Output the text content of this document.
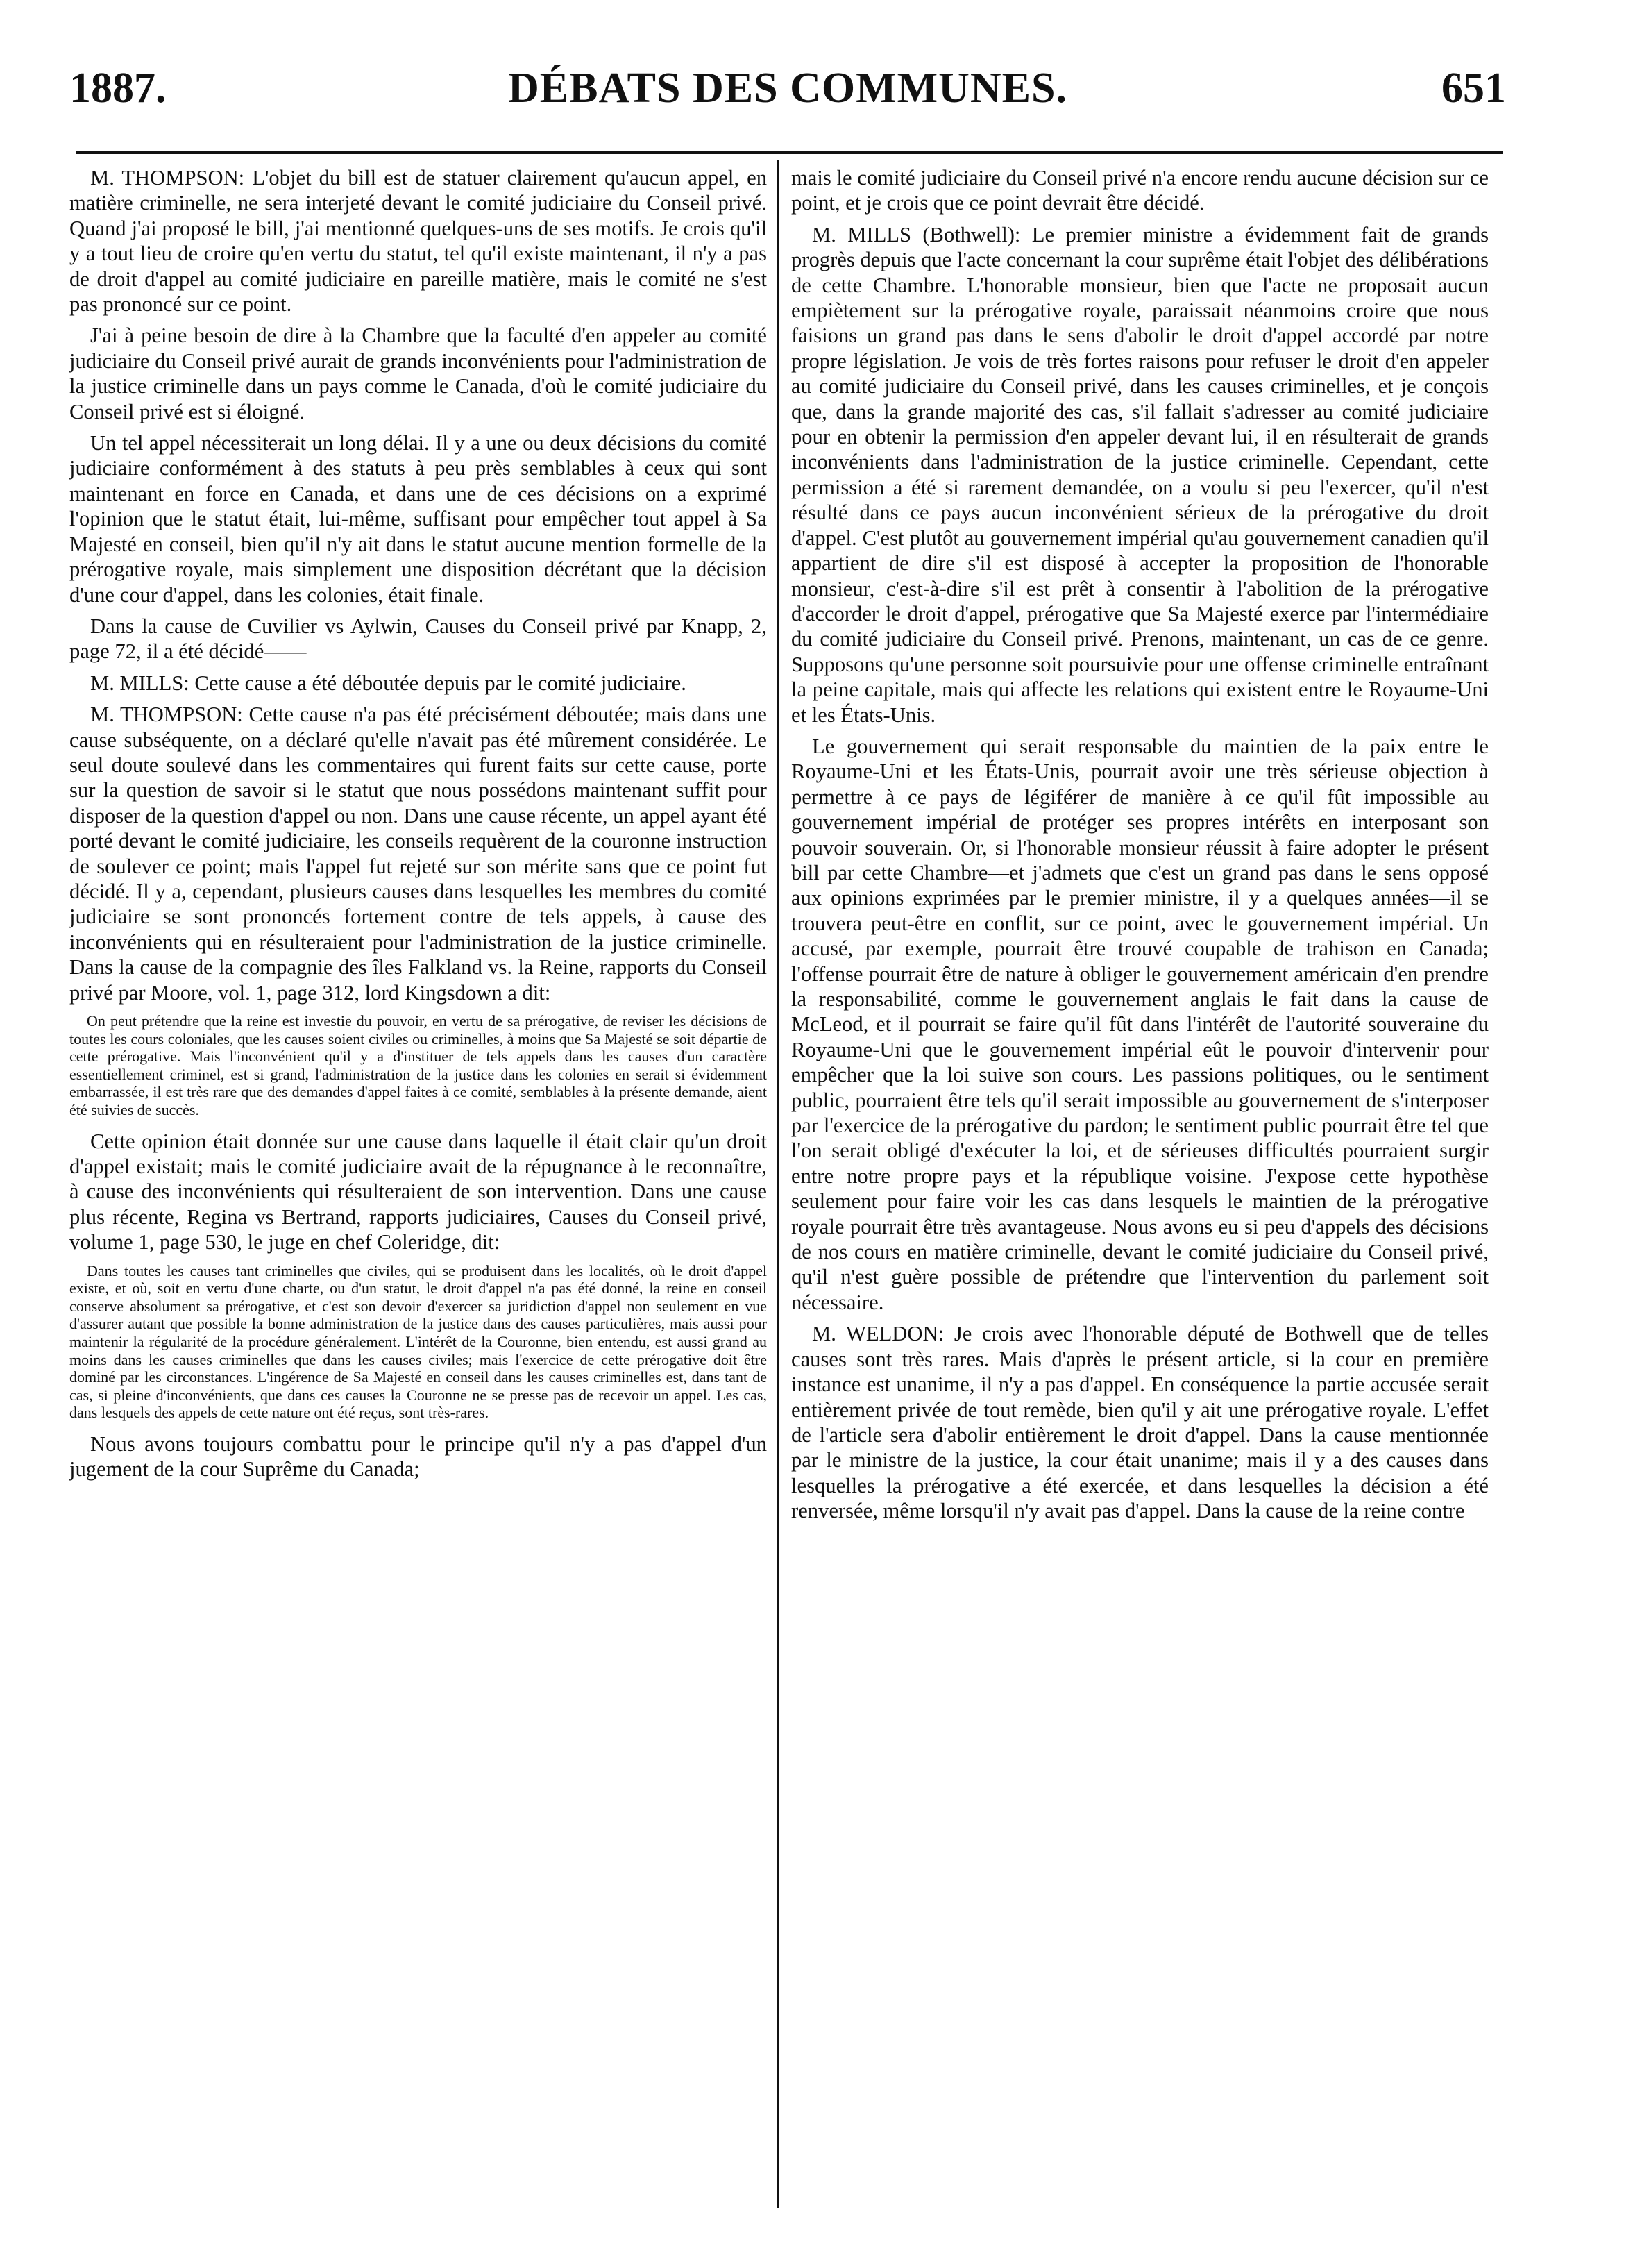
1887.	DÉBATS DES COMMUNES.	651

M. THOMPSON: L'objet du bill est de statuer clairement qu'aucun appel, en matière criminelle, ne sera interjeté devant le comité judiciaire du Conseil privé. Quand j'ai proposé le bill, j'ai mentionné quelques-uns de ses motifs. Je crois qu'il y a tout lieu de croire qu'en vertu du statut, tel qu'il existe maintenant, il n'y a pas de droit d'appel au comité judiciaire en pareille matière, mais le comité ne s'est pas prononcé sur ce point.

J'ai à peine besoin de dire à la Chambre que la faculté d'en appeler au comité judiciaire du Conseil privé aurait de grands inconvénients pour l'administration de la justice criminelle dans un pays comme le Canada, d'où le comité judiciaire du Conseil privé est si éloigné.

Un tel appel nécessiterait un long délai. Il y a une ou deux décisions du comité judiciaire conformément à des statuts à peu près semblables à ceux qui sont maintenant en force en Canada, et dans une de ces décisions on a exprimé l'opinion que le statut était, lui-même, suffisant pour empêcher tout appel à Sa Majesté en conseil, bien qu'il n'y ait dans le statut aucune mention formelle de la prérogative royale, mais simplement une disposition décrétant que la décision d'une cour d'appel, dans les colonies, était finale.

Dans la cause de Cuvilier vs Aylwin, Causes du Conseil privé par Knapp, 2, page 72, il a été décidé——

M. MILLS: Cette cause a été déboutée depuis par le comité judiciaire.

M. THOMPSON: Cette cause n'a pas été précisément déboutée; mais dans une cause subséquente, on a déclaré qu'elle n'avait pas été mûrement considérée. Le seul doute soulevé dans les commentaires qui furent faits sur cette cause, porte sur la question de savoir si le statut que nous possédons maintenant suffit pour disposer de la question d'appel ou non. Dans une cause récente, un appel ayant été porté devant le comité judiciaire, les conseils requèrent de la couronne instruction de soulever ce point; mais l'appel fut rejeté sur son mérite sans que ce point fut décidé. Il y a, cependant, plusieurs causes dans lesquelles les membres du comité judiciaire se sont prononcés fortement contre de tels appels, à cause des inconvénients qui en résulteraient pour l'administration de la justice criminelle. Dans la cause de la compagnie des îles Falkland vs. la Reine, rapports du Conseil privé par Moore, vol. 1, page 312, lord Kingsdown a dit:

On peut prétendre que la reine est investie du pouvoir, en vertu de sa prérogative, de reviser les décisions de toutes les cours coloniales, que les causes soient civiles ou criminelles, à moins que Sa Majesté se soit départie de cette prérogative. Mais l'inconvénient qu'il y a d'instituer de tels appels dans les causes d'un caractère essentiellement criminel, est si grand, l'administration de la justice dans les colonies en serait si évidemment embarrassée, il est très rare que des demandes d'appel faites à ce comité, semblables à la présente demande, aient été suivies de succès.

Cette opinion était donnée sur une cause dans laquelle il était clair qu'un droit d'appel existait; mais le comité judiciaire avait de la répugnance à le reconnaître, à cause des inconvénients qui résulteraient de son intervention. Dans une cause plus récente, Regina vs Bertrand, rapports judiciaires, Causes du Conseil privé, volume 1, page 530, le juge en chef Coleridge, dit:

Dans toutes les causes tant criminelles que civiles, qui se produisent dans les localités, où le droit d'appel existe, et où, soit en vertu d'une charte, ou d'un statut, le droit d'appel n'a pas été donné, la reine en conseil conserve absolument sa prérogative, et c'est son devoir d'exercer sa juridiction d'appel non seulement en vue d'assurer autant que possible la bonne administration de la justice dans des causes particulières, mais aussi pour maintenir la régularité de la procédure généralement. L'intérêt de la Couronne, bien entendu, est aussi grand au moins dans les causes criminelles que dans les causes civiles; mais l'exercice de cette prérogative doit être dominé par les circonstances. L'ingérence de Sa Majesté en conseil dans les causes criminelles est, dans tant de cas, si pleine d'inconvénients, que dans ces causes la Couronne ne se presse pas de recevoir un appel. Les cas, dans lesquels des appels de cette nature ont été reçus, sont très-rares.

Nous avons toujours combattu pour le principe qu'il n'y a pas d'appel d'un jugement de la cour Suprême du Canada;

mais le comité judiciaire du Conseil privé n'a encore rendu aucune décision sur ce point, et je crois que ce point devrait être décidé.

M. MILLS (Bothwell): Le premier ministre a évidemment fait de grands progrès depuis que l'acte concernant la cour suprême était l'objet des délibérations de cette Chambre. L'honorable monsieur, bien que l'acte ne proposait aucun empiètement sur la prérogative royale, paraissait néanmoins croire que nous faisions un grand pas dans le sens d'abolir le droit d'appel accordé par notre propre législation. Je vois de très fortes raisons pour refuser le droit d'en appeler au comité judiciaire du Conseil privé, dans les causes criminelles, et je conçois que, dans la grande majorité des cas, s'il fallait s'adresser au comité judiciaire pour en obtenir la permission d'en appeler devant lui, il en résulterait de grands inconvénients dans l'administration de la justice criminelle. Cependant, cette permission a été si rarement demandée, on a voulu si peu l'exercer, qu'il n'est résulté dans ce pays aucun inconvénient sérieux de la prérogative du droit d'appel. C'est plutôt au gouvernement impérial qu'au gouvernement canadien qu'il appartient de dire s'il est disposé à accepter la proposition de l'honorable monsieur, c'est-à-dire s'il est prêt à consentir à l'abolition de la prérogative d'accorder le droit d'appel, prérogative que Sa Majesté exerce par l'intermédiaire du comité judiciaire du Conseil privé. Prenons, maintenant, un cas de ce genre. Supposons qu'une personne soit poursuivie pour une offense criminelle entraînant la peine capitale, mais qui affecte les relations qui existent entre le Royaume-Uni et les États-Unis.

Le gouvernement qui serait responsable du maintien de la paix entre le Royaume-Uni et les États-Unis, pourrait avoir une très sérieuse objection à permettre à ce pays de légiférer de manière à ce qu'il fût impossible au gouvernement impérial de protéger ses propres intérêts en interposant son pouvoir souverain. Or, si l'honorable monsieur réussit à faire adopter le présent bill par cette Chambre—et j'admets que c'est un grand pas dans le sens opposé aux opinions exprimées par le premier ministre, il y a quelques années—il se trouvera peut-être en conflit, sur ce point, avec le gouvernement impérial. Un accusé, par exemple, pourrait être trouvé coupable de trahison en Canada; l'offense pourrait être de nature à obliger le gouvernement américain d'en prendre la responsabilité, comme le gouvernement anglais le fait dans la cause de McLeod, et il pourrait se faire qu'il fût dans l'intérêt de l'autorité souveraine du Royaume-Uni que le gouvernement impérial eût le pouvoir d'intervenir pour empêcher que la loi suive son cours. Les passions politiques, ou le sentiment public, pourraient être tels qu'il serait impossible au gouvernement de s'interposer par l'exercice de la prérogative du pardon; le sentiment public pourrait être tel que l'on serait obligé d'exécuter la loi, et de sérieuses difficultés pourraient surgir entre notre propre pays et la république voisine. J'expose cette hypothèse seulement pour faire voir les cas dans lesquels le maintien de la prérogative royale pourrait être très avantageuse. Nous avons eu si peu d'appels des décisions de nos cours en matière criminelle, devant le comité judiciaire du Conseil privé, qu'il n'est guère possible de prétendre que l'intervention du parlement soit nécessaire.

M. WELDON: Je crois avec l'honorable député de Bothwell que de telles causes sont très rares. Mais d'après le présent article, si la cour en première instance est unanime, il n'y a pas d'appel. En conséquence la partie accusée serait entièrement privée de tout remède, bien qu'il y ait une prérogative royale. L'effet de l'article sera d'abolir entièrement le droit d'appel. Dans la cause mentionnée par le ministre de la justice, la cour était unanime; mais il y a des causes dans lesquelles la prérogative a été exercée, et dans lesquelles la décision a été renversée, même lorsqu'il n'y avait pas d'appel. Dans la cause de la reine contre
